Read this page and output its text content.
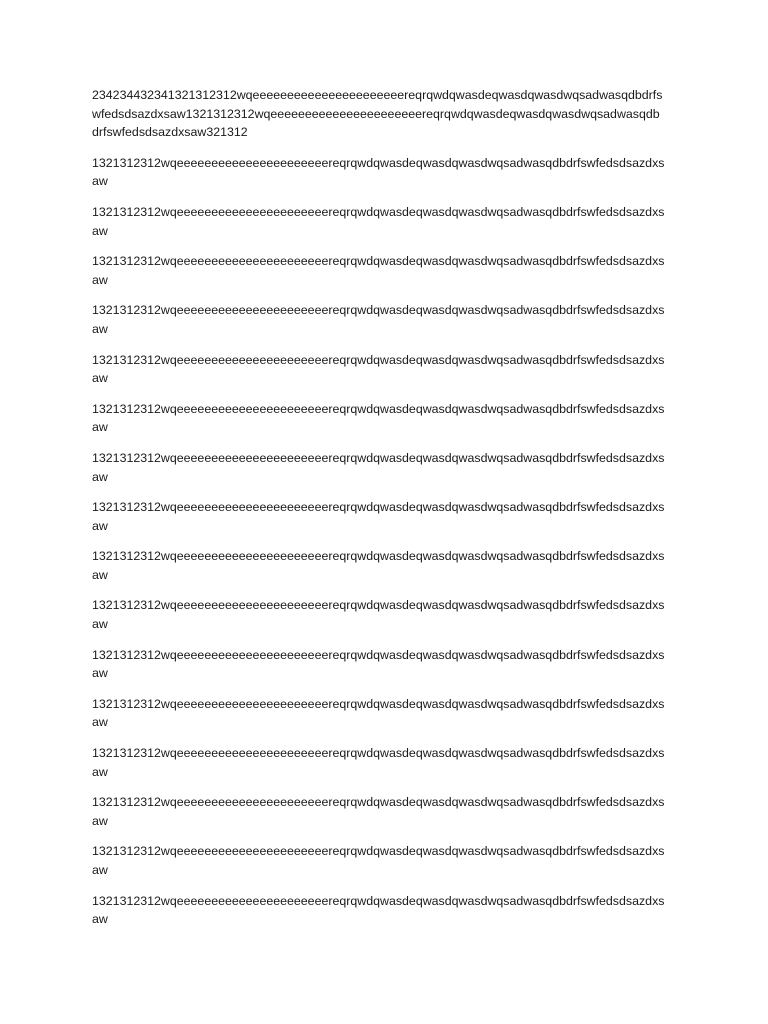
234234432341321312312wqeeeeeeeeeeeeeeeeeeeeeereqrqwdqwasdeqwasdqwasdwqsadwasqdbdrfs
wfedsdsazdxsaw1321312312wqeeeeeeeeeeeeeeeeeeeeeereqrqwdqwasdeqwasdqwasdwqsadwasqdb
drfswfedsdsazdxsaw321312

1321312312wqeeeeeeeeeeeeeeeeeeeeeereqrqwdqwasdeqwasdqwasdwqsadwasqdbdrfswfedsdsazdxs
aw

1321312312wqeeeeeeeeeeeeeeeeeeeeeereqrqwdqwasdeqwasdqwasdwqsadwasqdbdrfswfedsdsazdxs
aw

1321312312wqeeeeeeeeeeeeeeeeeeeeeereqrqwdqwasdeqwasdqwasdwqsadwasqdbdrfswfedsdsazdxs
aw

1321312312wqeeeeeeeeeeeeeeeeeeeeeereqrqwdqwasdeqwasdqwasdwqsadwasqdbdrfswfedsdsazdxs
aw

1321312312wqeeeeeeeeeeeeeeeeeeeeeereqrqwdqwasdeqwasdqwasdwqsadwasqdbdrfswfedsdsazdxs
aw

1321312312wqeeeeeeeeeeeeeeeeeeeeeereqrqwdqwasdeqwasdqwasdwqsadwasqdbdrfswfedsdsazdxs
aw

1321312312wqeeeeeeeeeeeeeeeeeeeeeereqrqwdqwasdeqwasdqwasdwqsadwasqdbdrfswfedsdsazdxs
aw

1321312312wqeeeeeeeeeeeeeeeeeeeeeereqrqwdqwasdeqwasdqwasdwqsadwasqdbdrfswfedsdsazdxs
aw

1321312312wqeeeeeeeeeeeeeeeeeeeeeereqrqwdqwasdeqwasdqwasdwqsadwasqdbdrfswfedsdsazdxs
aw

1321312312wqeeeeeeeeeeeeeeeeeeeeeereqrqwdqwasdeqwasdqwasdwqsadwasqdbdrfswfedsdsazdxs
aw

1321312312wqeeeeeeeeeeeeeeeeeeeeeereqrqwdqwasdeqwasdqwasdwqsadwasqdbdrfswfedsdsazdxs
aw

1321312312wqeeeeeeeeeeeeeeeeeeeeeereqrqwdqwasdeqwasdqwasdwqsadwasqdbdrfswfedsdsazdxs
aw

1321312312wqeeeeeeeeeeeeeeeeeeeeeereqrqwdqwasdeqwasdqwasdwqsadwasqdbdrfswfedsdsazdxs
aw

1321312312wqeeeeeeeeeeeeeeeeeeeeeereqrqwdqwasdeqwasdqwasdwqsadwasqdbdrfswfedsdsazdxs
aw

1321312312wqeeeeeeeeeeeeeeeeeeeeeereqrqwdqwasdeqwasdqwasdwqsadwasqdbdrfswfedsdsazdxs
aw

1321312312wqeeeeeeeeeeeeeeeeeeeeeereqrqwdqwasdeqwasdqwasdwqsadwasqdbdrfswfedsdsazdxs
aw
